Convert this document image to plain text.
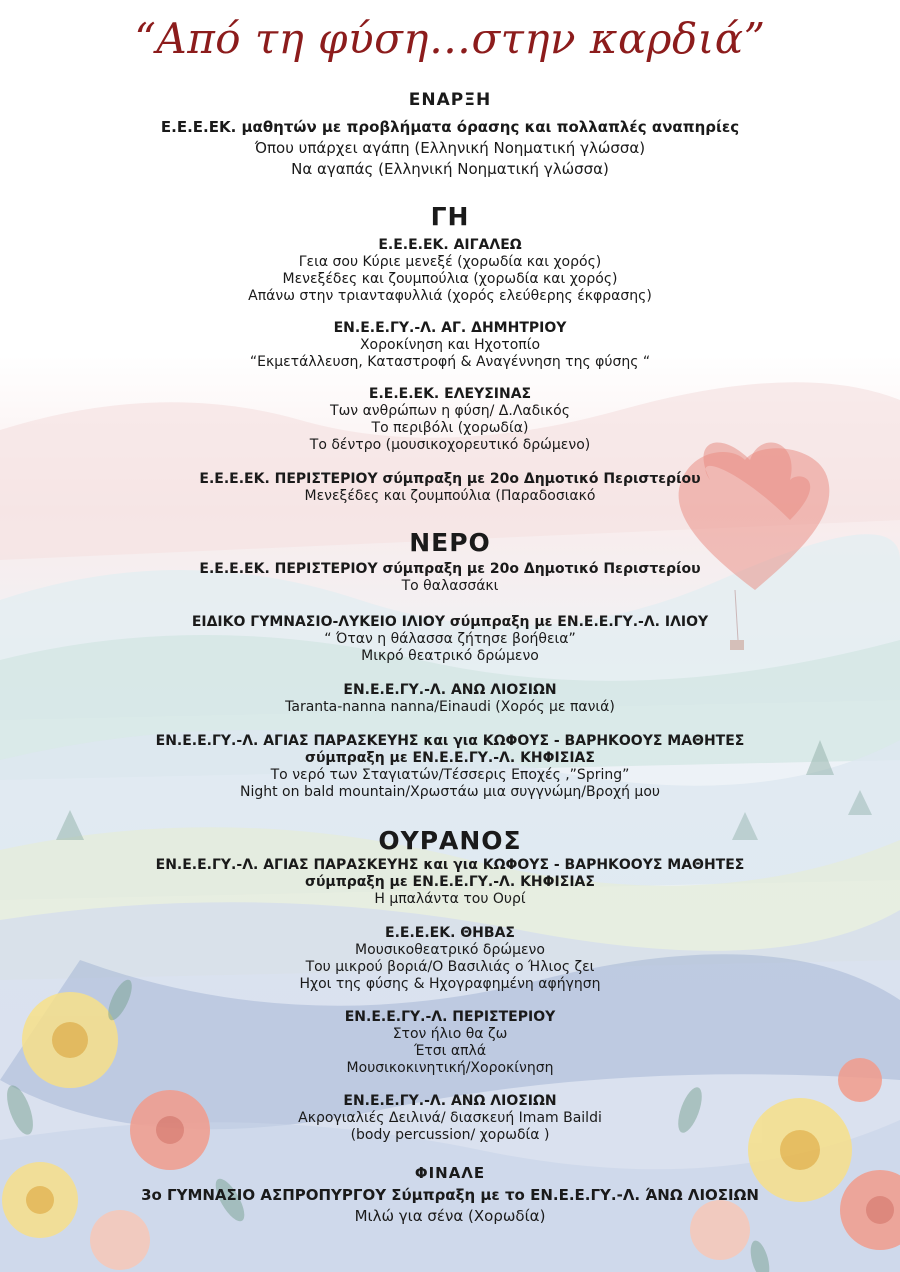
“Από τη φύση…στην καρδιά”
ΕΝΑΡΞΗ
Ε.Ε.Ε.ΕΚ. μαθητών με προβλήματα όρασης και πολλαπλές αναπηρίες
Όπου υπάρχει αγάπη (Ελληνική Νοηματική γλώσσα)
Να αγαπάς (Ελληνική Νοηματική γλώσσα)
ΓΗ
Ε.Ε.Ε.ΕΚ. ΑΙΓΑΛΕΩ
Γεια σου Κύριε μενεξέ (χορωδία και χορός)
Μενεξέδες και ζουμπούλια (χορωδία και χορός)
Απάνω στην τριανταφυλλιά (χορός ελεύθερης έκφρασης)
ΕΝ.Ε.Ε.ΓΥ.-Λ. ΑΓ. ΔΗΜΗΤΡΙΟΥ
Χοροκίνηση και Ηχοτοπίο
“Εκμετάλλευση, Καταστροφή & Αναγέννηση της φύσης “
Ε.Ε.Ε.ΕΚ. ΕΛΕΥΣΙΝΑΣ
Των ανθρώπων η φύση/ Δ.Λαδικός
Το περιβόλι (χορωδία)
Το δέντρο (μουσικοχορευτικό δρώμενο)
Ε.Ε.Ε.ΕΚ. ΠΕΡΙΣΤΕΡΙΟΥ σύμπραξη με 20ο Δημοτικό Περιστερίου
Μενεξέδες και ζουμπούλια (Παραδοσιακό
ΝΕΡΟ
Ε.Ε.Ε.ΕΚ. ΠΕΡΙΣΤΕΡΙΟΥ σύμπραξη με 20ο Δημοτικό Περιστερίου
Το θαλασσάκι
ΕΙΔΙΚΟ ΓΥΜΝΑΣΙΟ-ΛΥΚΕΙΟ ΙΛΙΟΥ σύμπραξη με ΕΝ.Ε.Ε.ΓΥ.-Λ. ΙΛΙΟΥ
“ Όταν η θάλασσα ζήτησε βοήθεια”
Μικρό θεατρικό δρώμενο
ΕΝ.Ε.Ε.ΓΥ.-Λ. ΑΝΩ ΛΙΟΣΙΩΝ
Taranta-nanna nanna/Einaudi (Χορός με πανιά)
ΕΝ.Ε.Ε.ΓΥ.-Λ. ΑΓΙΑΣ ΠΑΡΑΣΚΕΥΗΣ και για ΚΩΦΟΥΣ - ΒΑΡΗΚΟΟΥΣ ΜΑΘΗΤΕΣ
σύμπραξη με ΕΝ.Ε.Ε.ΓΥ.-Λ. ΚΗΦΙΣΙΑΣ
Το νερό των Σταγιατών/Τέσσερις Εποχές ,”Spring”
Night on bald mountain/Χρωστάω μια συγγνώμη/Βροχή μου
ΟΥΡΑΝΟΣ
ΕΝ.Ε.Ε.ΓΥ.-Λ. ΑΓΙΑΣ ΠΑΡΑΣΚΕΥΗΣ και για ΚΩΦΟΥΣ - ΒΑΡΗΚΟΟΥΣ ΜΑΘΗΤΕΣ
σύμπραξη με ΕΝ.Ε.Ε.ΓΥ.-Λ. ΚΗΦΙΣΙΑΣ
Η μπαλάντα του Ουρί
Ε.Ε.Ε.ΕΚ. ΘΗΒΑΣ
Μουσικοθεατρικό δρώμενο
Του μικρού βοριά/Ο Βασιλιάς ο Ήλιος ζει
Ηχοι της φύσης & Ηχογραφημένη αφήγηση
ΕΝ.Ε.Ε.ΓΥ.-Λ. ΠΕΡΙΣΤΕΡΙΟΥ
Στον ήλιο θα ζω
Έτσι απλά
Μουσικοκινητική/Χοροκίνηση
ΕΝ.Ε.Ε.ΓΥ.-Λ. ΑΝΩ ΛΙΟΣΙΩΝ
Ακρογιαλιές Δειλινά/ διασκευή Imam Baildi
(body percussion/ χορωδία )
ΦΙΝΑΛΕ
3ο ΓΥΜΝΑΣΙΟ ΑΣΠΡΟΠΥΡΓΟΥ Σύμπραξη με το ΕΝ.Ε.Ε.ΓΥ.-Λ. ΆΝΩ ΛΙΟΣΙΩΝ
Μιλώ για σένα (Χορωδία)
